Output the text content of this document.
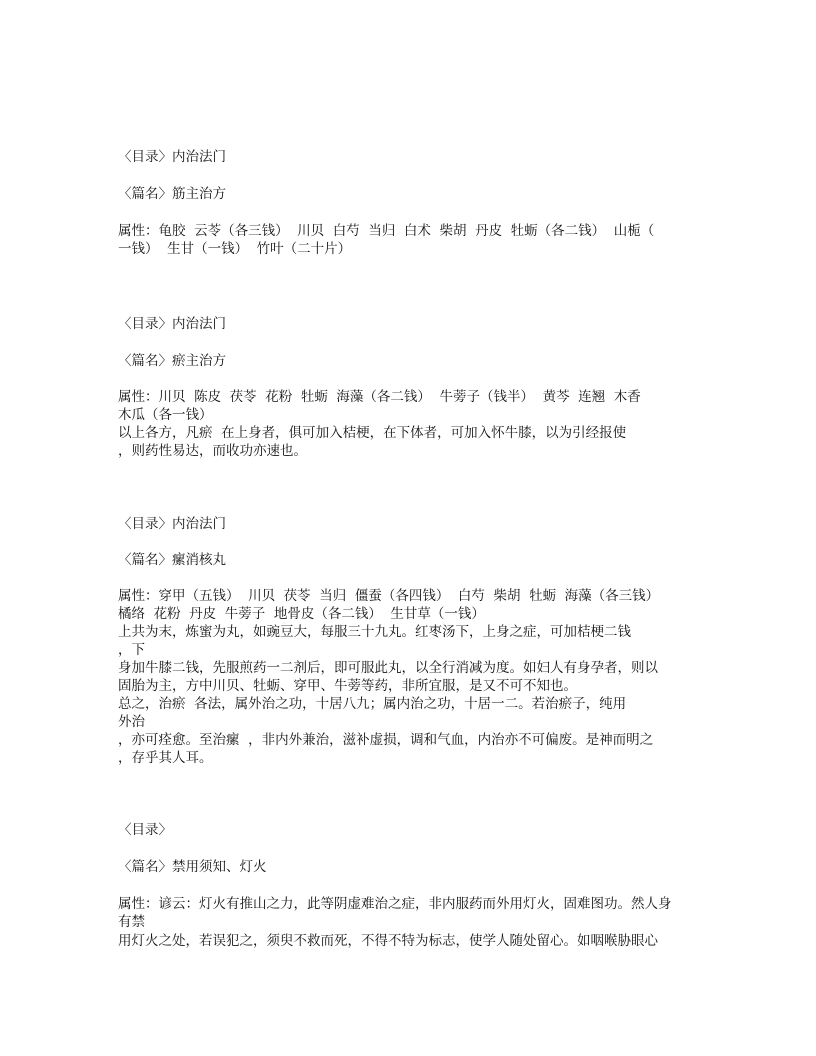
〈目录〉内治法门
〈篇名〉筋主治方
属性：龟胶  云苓（各三钱）  川贝  白芍  当归  白术  柴胡  丹皮  牡蛎（各二钱）  山栀（
一钱）  生甘（一钱）  竹叶（二十片）
〈目录〉内治法门
〈篇名〉瘀主治方
属性：川贝  陈皮  茯苓  花粉  牡蛎  海藻（各二钱）  牛蒡子（钱半）  黄芩  连翘  木香
木瓜（各一钱）
以上各方，凡瘀  在上身者，俱可加入桔梗，在下体者，可加入怀牛膝，以为引经报使
，则药性易达，而收功亦速也。
〈目录〉内治法门
〈篇名〉瘰消核丸
属性：穿甲（五钱）  川贝  茯苓  当归  僵蚕（各四钱）  白芍  柴胡  牡蛎  海藻（各三钱）
橘络  花粉  丹皮  牛蒡子  地骨皮（各二钱）  生甘草（一钱）
上共为末，炼蜜为丸，如豌豆大，每服三十九丸。红枣汤下，上身之症，可加桔梗二钱
，下
身加牛膝二钱，先服煎药一二剂后，即可服此丸，以全行消减为度。如妇人有身孕者，则以
固胎为主，方中川贝、牡蛎、穿甲、牛蒡等药，非所宜服，是又不可不知也。
总之，治瘀  各法，属外治之功，十居八九；属内治之功，十居一二。若治瘀子，纯用
外治
，亦可痊愈。至治瘰  ，非内外兼治，滋补虚损，调和气血，内治亦不可偏废。是神而明之
，存乎其人耳。
〈目录〉
〈篇名〉禁用须知、灯火
属性：谚云：灯火有推山之力，此等阴虚难治之症，非内服药而外用灯火，固难图功。然人身
有禁
用灯火之处，若误犯之，须臾不救而死，不得不特为标志，使学人随处留心。如咽喉胁眼心
